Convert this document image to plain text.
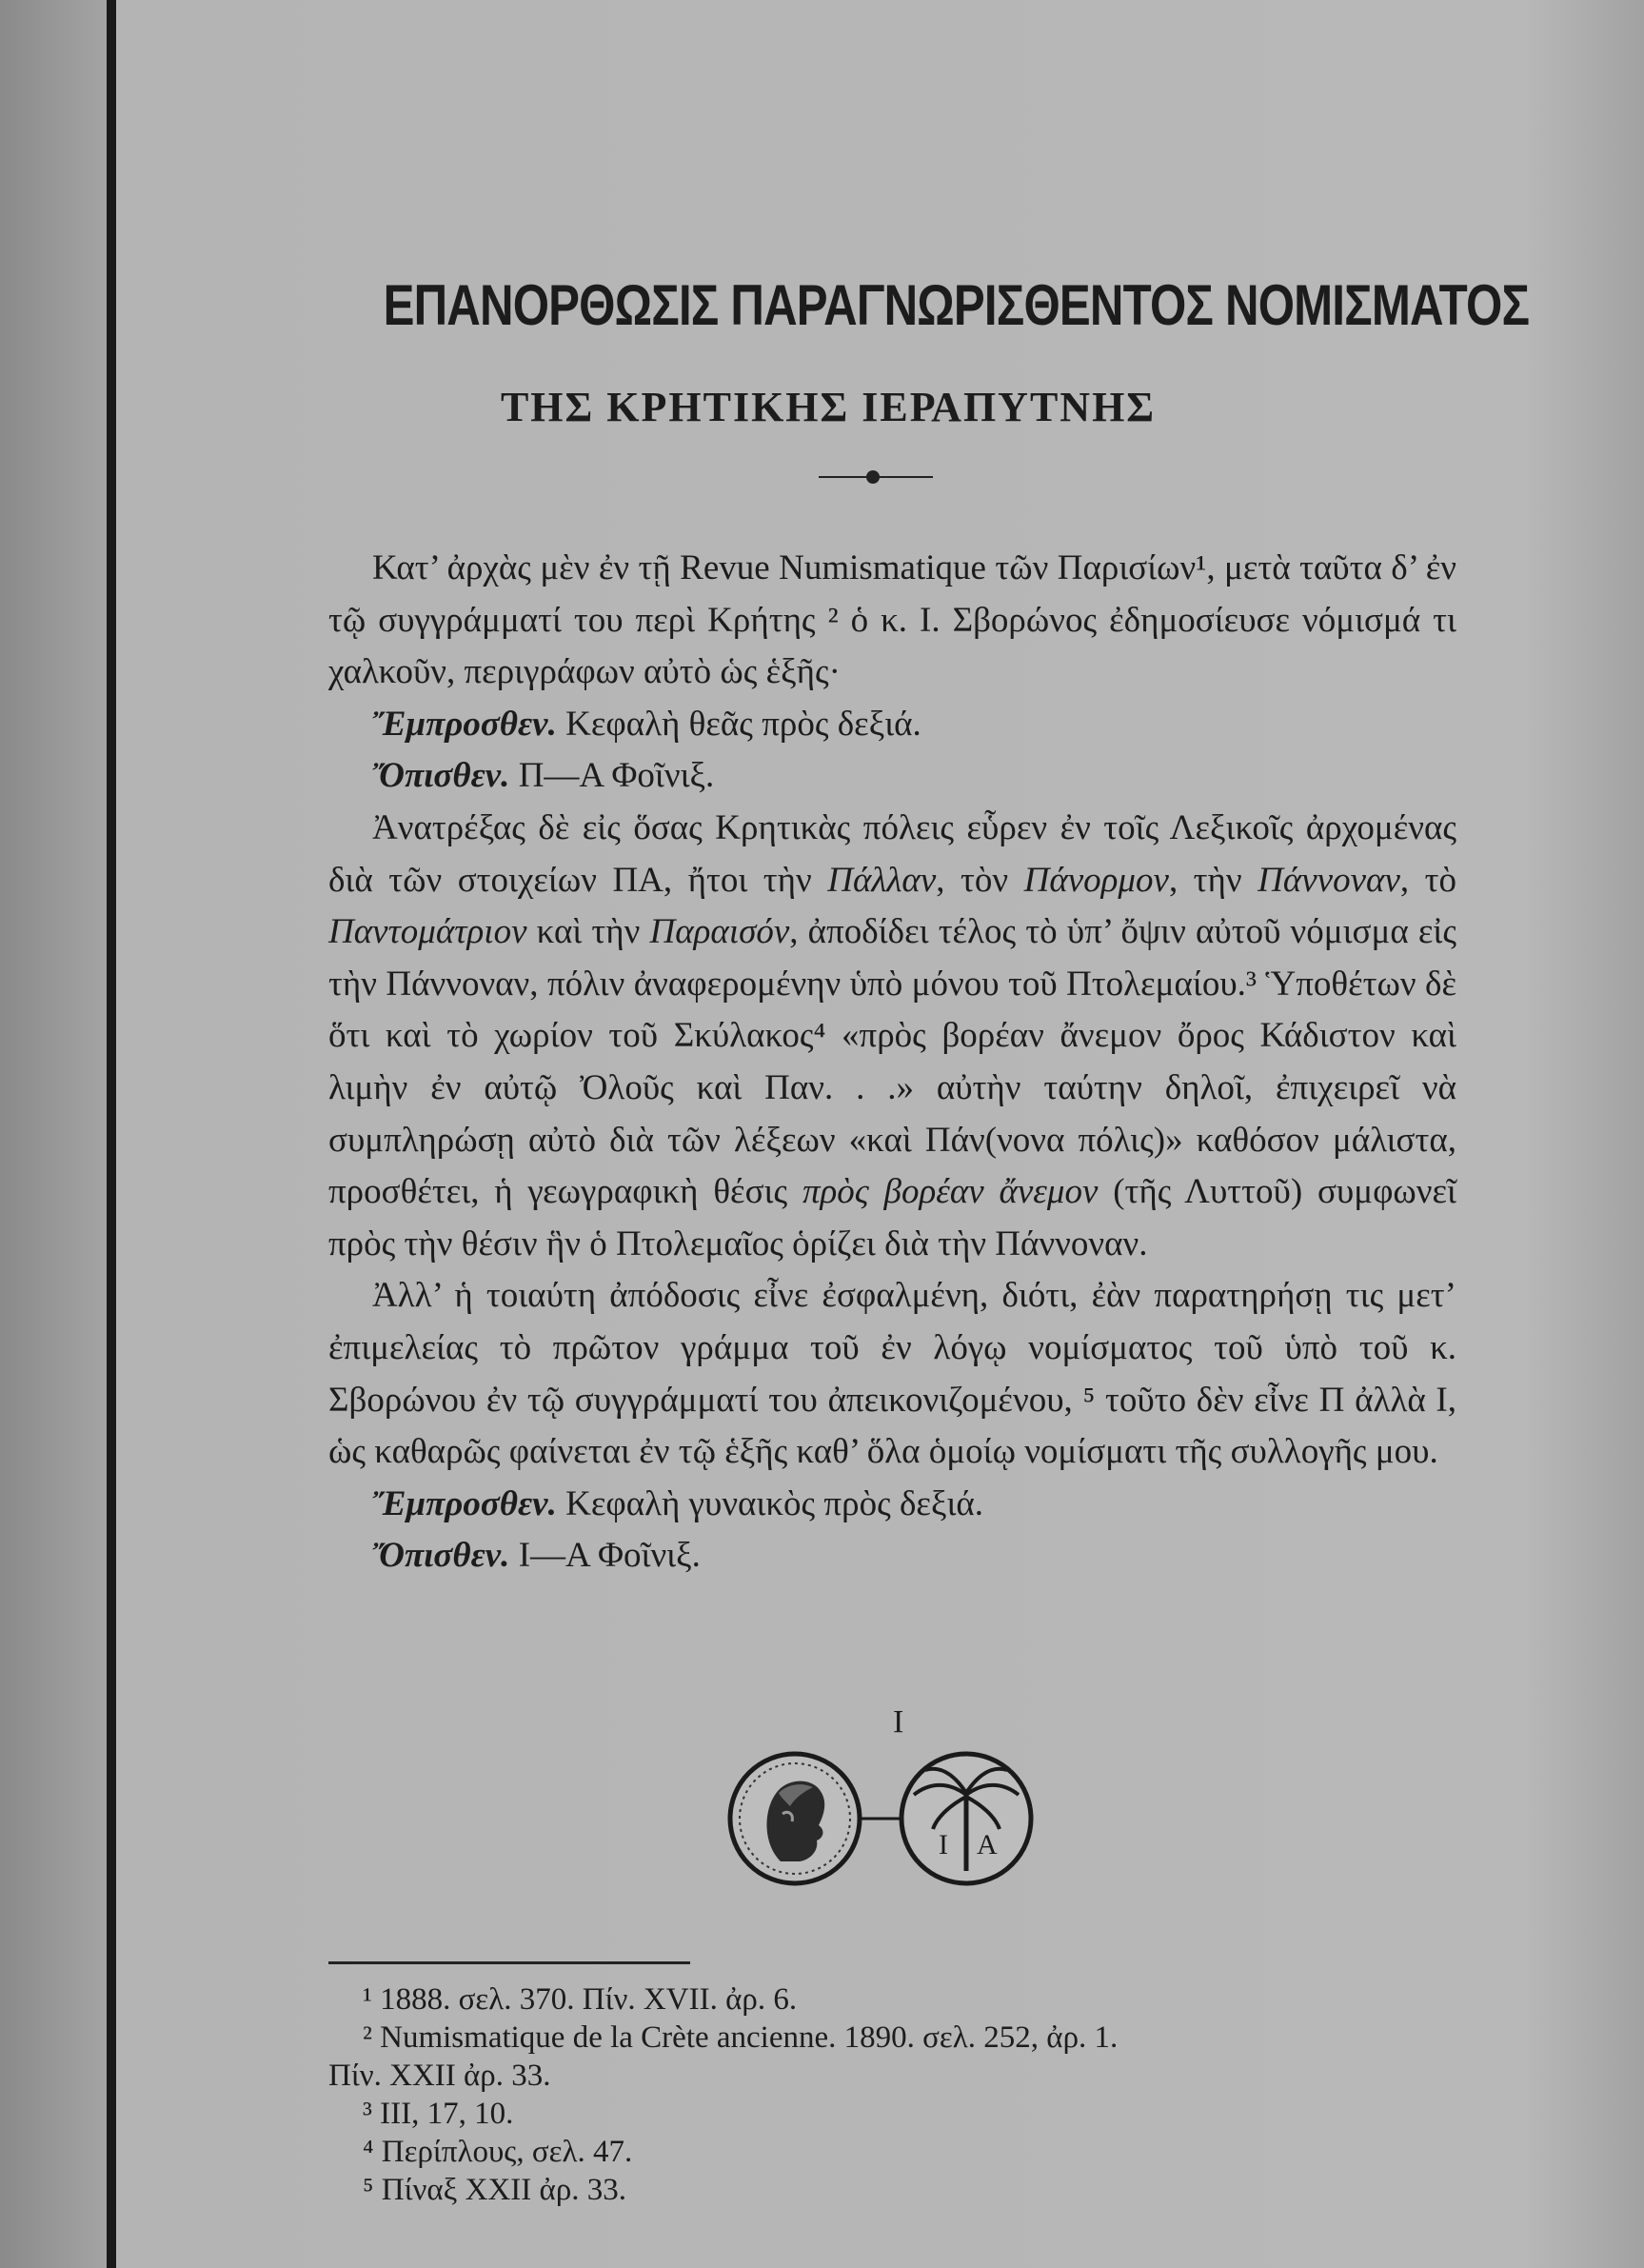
ΕΠΑΝΟΡΘΩΣΙΣ ΠΑΡΑΓΝΩΡΙΣΘΕΝΤΟΣ ΝΟΜΙΣΜΑΤΟΣ
ΤΗΣ ΚΡΗΤΙΚΗΣ ΙΕΡΑΠΥΤΝΗΣ

Κατ’ ἀρχὰς μὲν ἐν τῇ Revue Numismatique τῶν Παρισίων¹, μετὰ ταῦτα δ’ ἐν τῷ συγγράμματί του περὶ Κρήτης ² ὁ κ. Ι. Σβορώνος ἐδημοσίευσε νόμισμά τι χαλκοῦν, περιγράφων αὐτὸ ὡς ἑξῆς·

Ἔμπροσθεν. Κεφαλὴ θεᾶς πρὸς δεξιά.

Ὄπισθεν. Π—Α Φοῖνιξ.

Ἀνατρέξας δὲ εἰς ὅσας Κρητικὰς πόλεις εὗρεν ἐν τοῖς Λεξικοῖς ἀρχομένας διὰ τῶν στοιχείων ΠΑ, ἤτοι τὴν Πάλλαν, τὸν Πάνορμον, τὴν Πάννοναν, τὸ Παντομάτριον καὶ τὴν Παραισόν, ἀποδίδει τέλος τὸ ὑπ’ ὄψιν αὐτοῦ νόμισμα εἰς τὴν Πάννοναν, πόλιν ἀναφερομένην ὑπὸ μόνου τοῦ Πτολεμαίου.³ Ὑποθέτων δὲ ὅτι καὶ τὸ χωρίον τοῦ Σκύλακος⁴ «πρὸς βορέαν ἄνεμον ὄρος Κάδιστον καὶ λιμὴν ἐν αὐτῷ Ὀλοῦς καὶ Παν. . .» αὐτὴν ταύτην δηλοῖ, ἐπιχειρεῖ νὰ συμπληρώσῃ αὐτὸ διὰ τῶν λέξεων «καὶ Πάν(νονα πόλις)» καθόσον μάλιστα, προσθέτει, ἡ γεωγραφικὴ θέσις πρὸς βορέαν ἄνεμον (τῆς Λυττοῦ) συμφωνεῖ πρὸς τὴν θέσιν ἣν ὁ Πτολεμαῖος ὁρίζει διὰ τὴν Πάννοναν.

Ἀλλ’ ἡ τοιαύτη ἀπόδοσις εἶνε ἐσφαλμένη, διότι, ἐὰν παρατηρήσῃ τις μετ’ ἐπιμελείας τὸ πρῶτον γράμμα τοῦ ἐν λόγῳ νομίσματος τοῦ ὑπὸ τοῦ κ. Σβορώνου ἐν τῷ συγγράμματί του ἀπεικονιζομένου, ⁵ τοῦτο δὲν εἶνε Π ἀλλὰ Ι, ὡς καθαρῶς φαίνεται ἐν τῷ ἑξῆς καθ’ ὅλα ὁμοίῳ νομίσματι τῆς συλλογῆς μου.

Ἔμπροσθεν. Κεφαλὴ γυναικὸς πρὸς δεξιά.

Ὄπισθεν. Ι—Α Φοῖνιξ.

Ι
I A

¹ 1888. σελ. 370. Πίν. XVII. ἀρ. 6.

² Numismatique de la Crète ancienne. 1890. σελ. 252, ἀρ. 1.

Πίν. XXII ἀρ. 33.

³ III, 17, 10.

⁴ Περίπλους, σελ. 47.

⁵ Πίναξ XXII ἀρ. 33.
